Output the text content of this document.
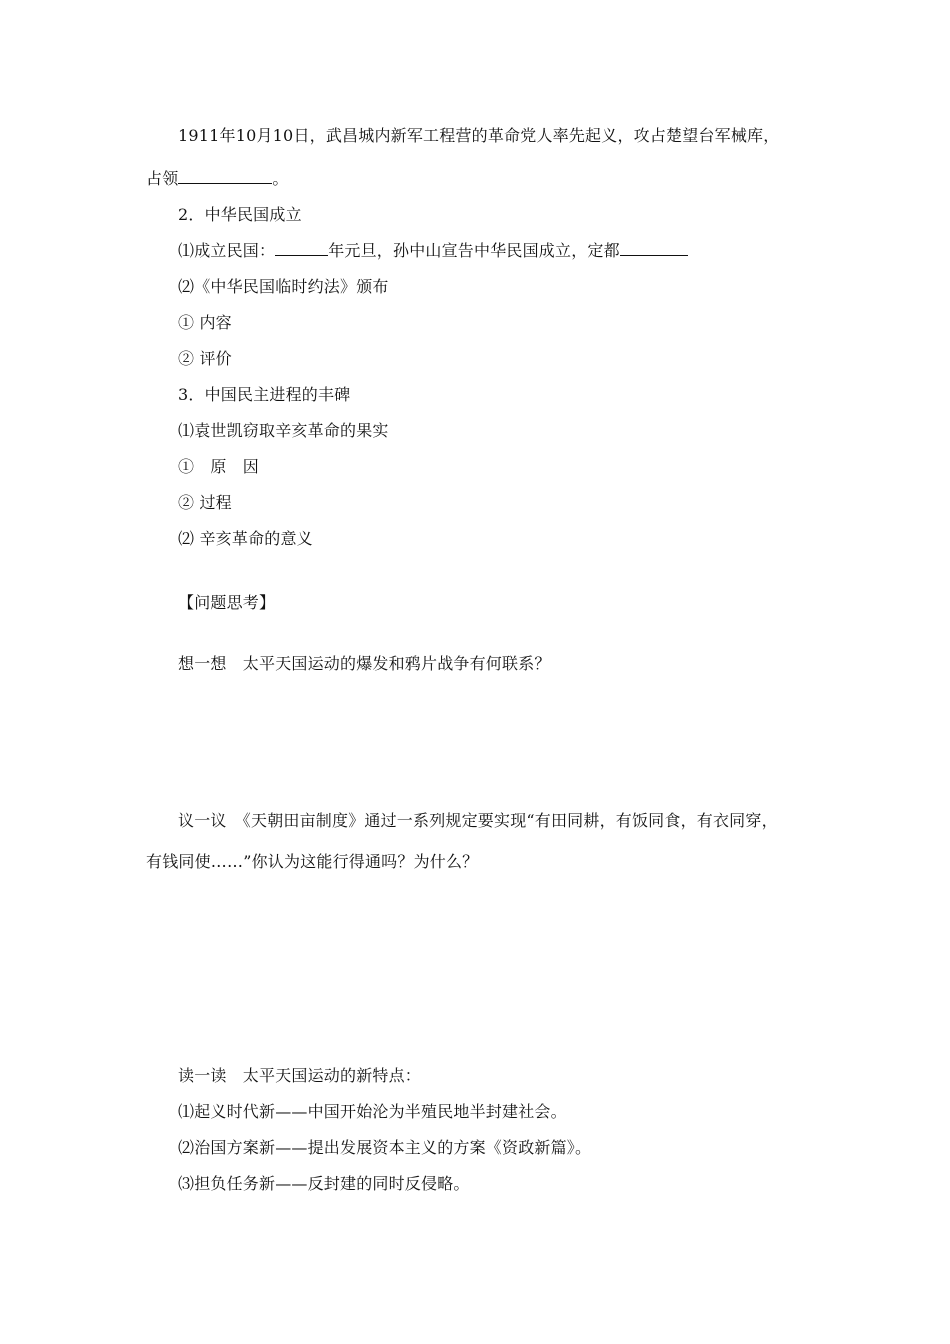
1911年10月10日，武昌城内新军工程营的革命党人率先起义，攻占楚望台军械库，
占领	。
2．中华民国成立
⑴成立民国：	年元旦，孙中山宣告中华民国成立，定都
⑵《中华民国临时约法》颁布
① 内容
② 评价
3．中国民主进程的丰碑
⑴袁世凯窃取辛亥革命的果实
①　原　因
② 过程
⑵ 辛亥革命的意义
【问题思考】
想一想　太平天国运动的爆发和鸦片战争有何联系？
议一议　《天朝田亩制度》通过一系列规定要实现“有田同耕，有饭同食，有衣同穿，
有钱同使……”你认为这能行得通吗？为什么？
读一读　太平天国运动的新特点：
⑴起义时代新——中国开始沦为半殖民地半封建社会。
⑵治国方案新——提出发展资本主义的方案《资政新篇》。
⑶担负任务新——反封建的同时反侵略。
